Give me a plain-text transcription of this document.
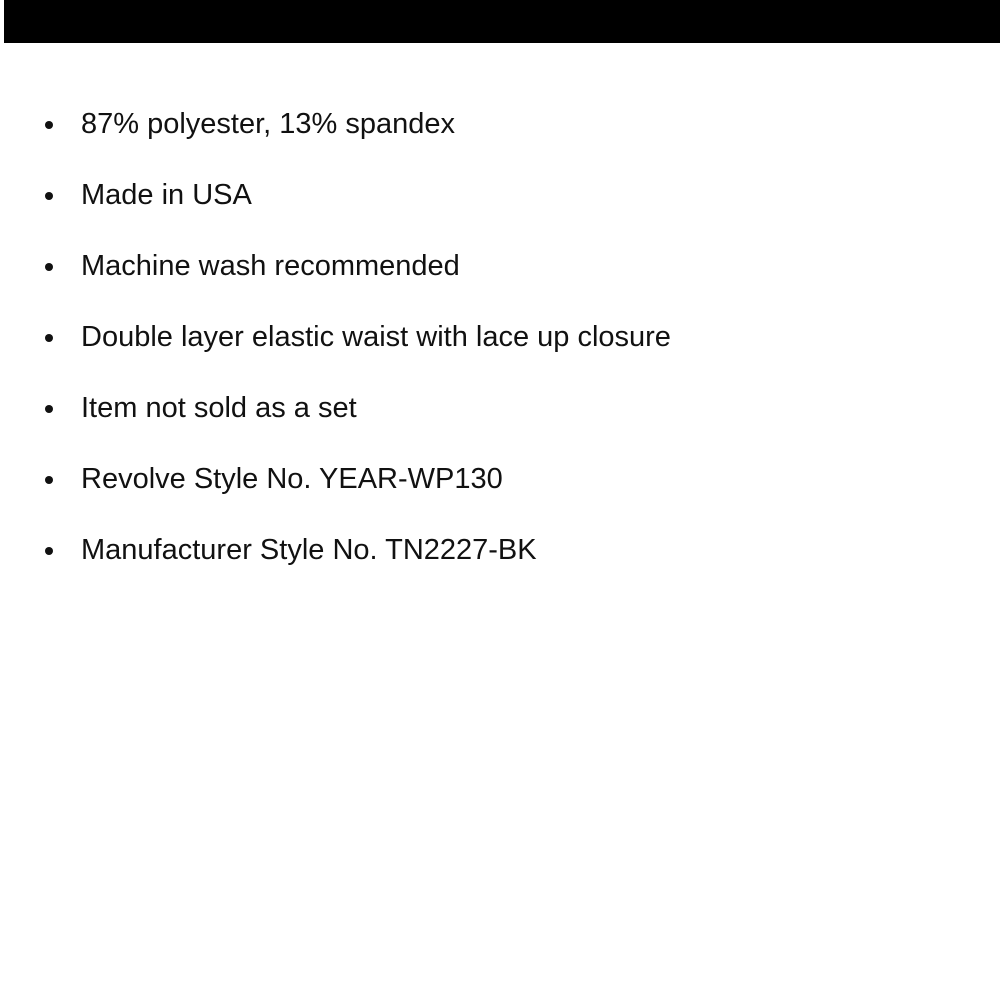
87% polyester, 13% spandex
Made in USA
Machine wash recommended
Double layer elastic waist with lace up closure
Item not sold as a set
Revolve Style No. YEAR-WP130
Manufacturer Style No. TN2227-BK
